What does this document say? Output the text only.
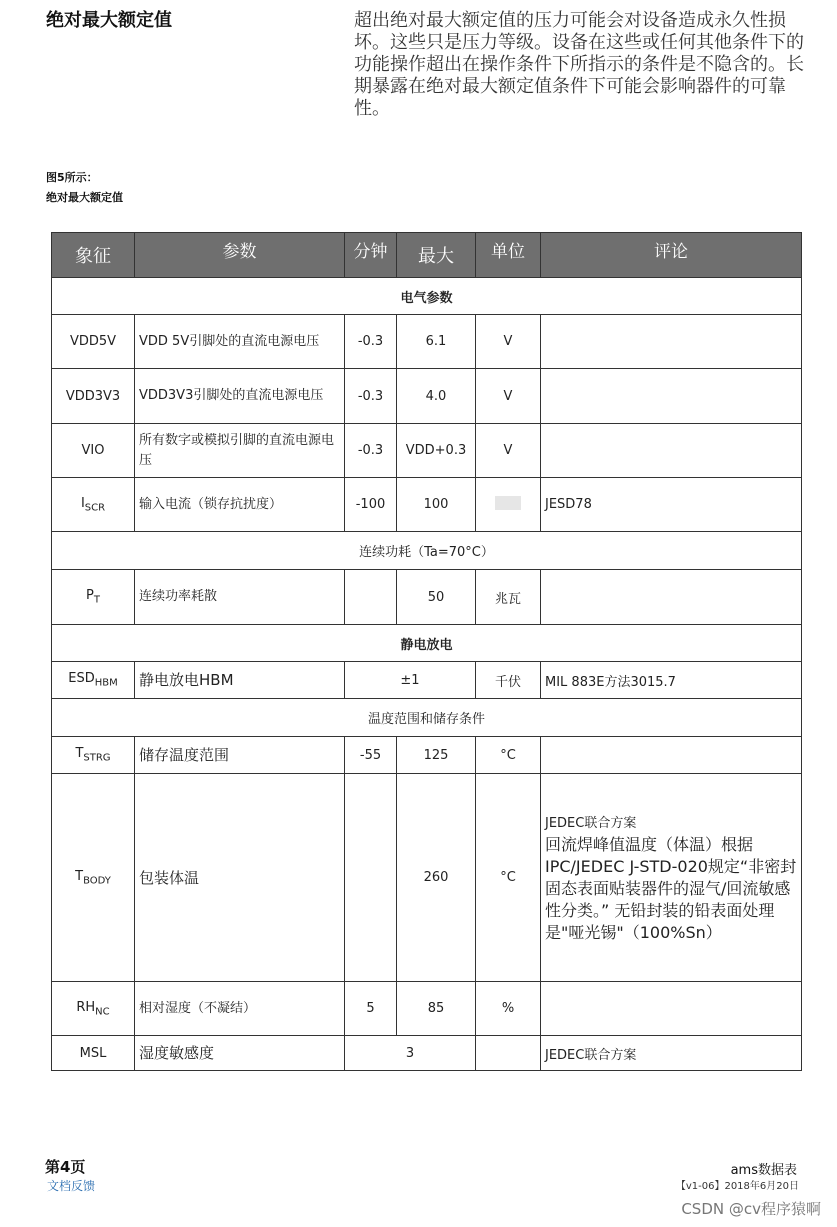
绝对最大额定值	超出绝对最大额定值的压力可能会对设备造成永久性损坏。这些只是压力等级。设备在这些或任何其他条件下的功能操作超出在操作条件下所指示的条件是不隐含的。长期暴露在绝对最大额定值条件下可能会影响器件的可靠性。
图5所示：
绝对最大额定值
象征	参数	分钟	最大	单位	评论
电气参数					
VDD5V	VDD 5V引脚处的直流电源电压	-0.3	6.1	V	
VDD3V3	VDD3V3引脚处的直流电源电压	-0.3	4.0	V	
VIO	所有数字或模拟引脚的直流电源电压	-0.3	VDD+0.3	V	
$I_{SCR}$	输入电流（锁存抗扰度）	-100	100		JESD78
连续功耗（Ta=70°C）					
$P_T$	连续功率耗散		50	兆瓦	
静电放电					
$ESD_{HBM}$	静电放电HBM	±1		千伏	MIL 883E方法3015.7
温度范围和储存条件					
$T_{STRG}$	储存温度范围	-55	125	°C	
$T_{BODY}$	包装体温		260	°C	JEDEC联合方案
回流焊峰值温度（体温）根据IPC/JEDEC J-STD-020规定“非密封固态表面贴装器件的湿气/回流敏感性分类。” 无铅封装的铅表面处理是"哑光锡"（100%Sn）

$RH_{NC}$	相对湿度（不凝结）	5	85	%	
MSL	湿度敏感度	3			JEDEC联合方案
第4页
文档反馈
ams数据表
【v1-06】2018年6月20日
CSDN @cv程序猿啊
